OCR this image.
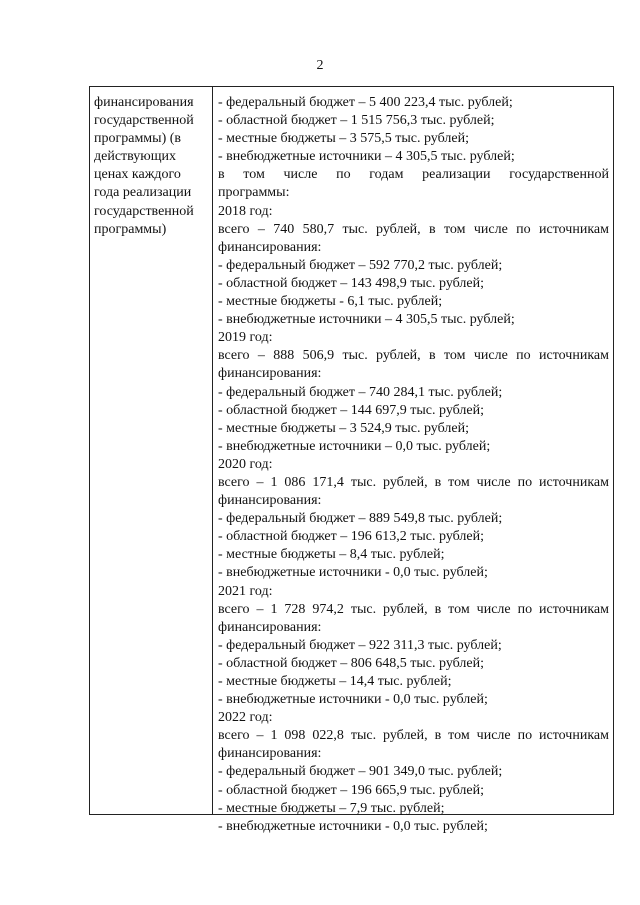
2
финансирования
государственной
программы) (в
действующих
ценах каждого
года реализации
государственной
программы)
- федеральный бюджет – 5 400 223,4 тыс. рублей;
- областной бюджет – 1 515 756,3 тыс. рублей;
- местные бюджеты – 3 575,5 тыс. рублей;
- внебюджетные источники – 4 305,5 тыс. рублей;
в том числе по годам реализации государственной
программы:
2018 год:
всего – 740 580,7 тыс. рублей, в том числе по источникам
финансирования:
- федеральный бюджет – 592 770,2 тыс. рублей;
- областной бюджет – 143 498,9 тыс. рублей;
- местные бюджеты - 6,1 тыс. рублей;
- внебюджетные источники – 4 305,5 тыс. рублей;
2019 год:
всего – 888 506,9 тыс. рублей, в том числе по источникам
финансирования:
- федеральный бюджет – 740 284,1 тыс. рублей;
- областной бюджет – 144 697,9 тыс. рублей;
- местные бюджеты – 3 524,9 тыс. рублей;
- внебюджетные источники – 0,0 тыс. рублей;
2020 год:
всего – 1 086 171,4 тыс. рублей, в том числе по источникам
финансирования:
- федеральный бюджет – 889 549,8 тыс. рублей;
- областной бюджет – 196 613,2 тыс. рублей;
- местные бюджеты – 8,4 тыс. рублей;
- внебюджетные источники - 0,0 тыс. рублей;
2021 год:
всего – 1 728 974,2 тыс. рублей, в том числе по источникам
финансирования:
- федеральный бюджет – 922 311,3 тыс. рублей;
- областной бюджет – 806 648,5 тыс. рублей;
- местные бюджеты – 14,4 тыс. рублей;
- внебюджетные источники - 0,0 тыс. рублей;
2022 год:
всего – 1 098 022,8 тыс. рублей, в том числе по источникам
финансирования:
- федеральный бюджет – 901 349,0 тыс. рублей;
- областной бюджет – 196 665,9 тыс. рублей;
- местные бюджеты – 7,9 тыс. рублей;
- внебюджетные источники - 0,0 тыс. рублей;
